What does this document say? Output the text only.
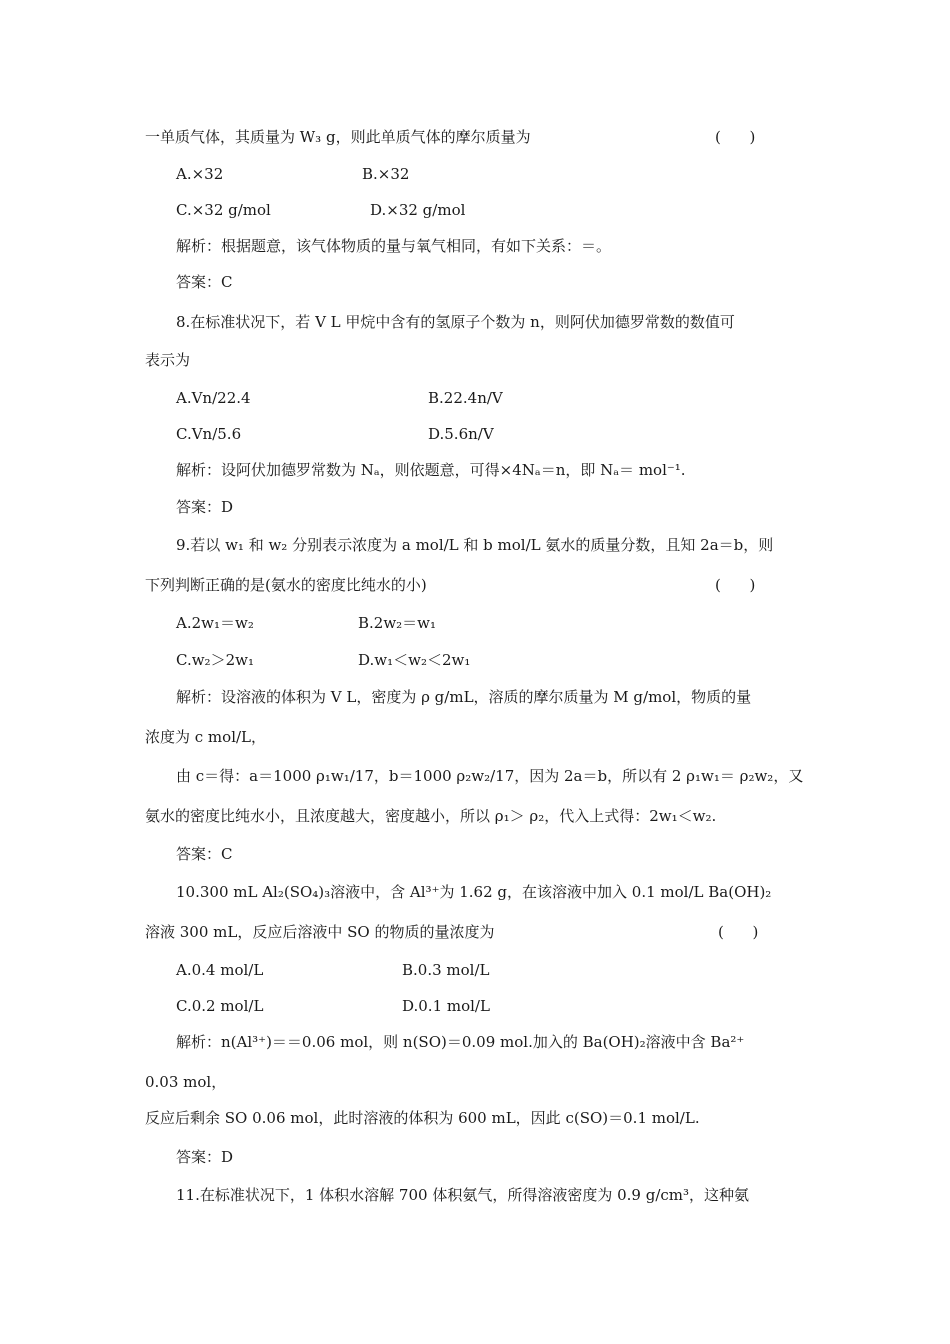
一单质气体，其质量为 W₃ g，则此单质气体的摩尔质量为	(      )
A.×32	B.×32
C.×32 g/mol	D.×32 g/mol
解析：根据题意，该气体物质的量与氧气相同，有如下关系：＝。
答案：C
8.在标准状况下，若 V L 甲烷中含有的氢原子个数为 n，则阿伏加德罗常数的数值可
表示为
A.Vn/22.4	B.22.4n/V
C.Vn/5.6	D.5.6n/V
解析：设阿伏加德罗常数为 Nₐ，则依题意，可得×4Nₐ＝n，即 Nₐ＝ mol⁻¹.
答案：D
9.若以 w₁ 和 w₂ 分别表示浓度为 a mol/L 和 b mol/L 氨水的质量分数，且知 2a＝b，则
下列判断正确的是(氨水的密度比纯水的小)	(      )
A.2w₁＝w₂	B.2w₂＝w₁
C.w₂＞2w₁	D.w₁＜w₂＜2w₁
解析：设溶液的体积为 V L，密度为 ρ g/mL，溶质的摩尔质量为 M g/mol，物质的量
浓度为 c mol/L，
由 c＝得：a＝1000 ρ₁w₁/17，b＝1000 ρ₂w₂/17，因为 2a＝b，所以有 2 ρ₁w₁＝ ρ₂w₂，又
氨水的密度比纯水小，且浓度越大，密度越小，所以 ρ₁＞ ρ₂，代入上式得：2w₁＜w₂.
答案：C
10.300 mL Al₂(SO₄)₃溶液中，含 Al³⁺为 1.62 g，在该溶液中加入 0.1 mol/L Ba(OH)₂
溶液 300 mL，反应后溶液中 SO 的物质的量浓度为	(      )
A.0.4 mol/L	B.0.3 mol/L
C.0.2 mol/L	D.0.1 mol/L
解析：n(Al³⁺)＝＝0.06 mol，则 n(SO)＝0.09 mol.加入的 Ba(OH)₂溶液中含 Ba²⁺
0.03 mol，
反应后剩余 SO 0.06 mol，此时溶液的体积为 600 mL，因此 c(SO)＝0.1 mol/L.
答案：D
11.在标准状况下，1 体积水溶解 700 体积氨气，所得溶液密度为 0.9 g/cm³，这种氨
